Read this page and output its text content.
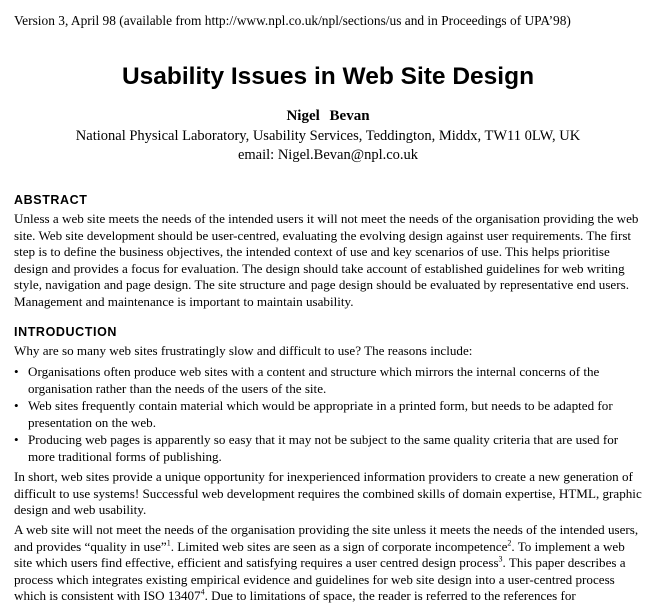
Version 3, April 98 (available from http://www.npl.co.uk/npl/sections/us and in Proceedings of UPA’98)
Usability Issues in Web Site Design
Nigel Bevan
National Physical Laboratory, Usability Services, Teddington, Middx, TW11 0LW, UK
email: Nigel.Bevan@npl.co.uk
ABSTRACT

Unless a web site meets the needs of the intended users it will not meet the needs of the organisation providing the web site. Web site development should be user-centred, evaluating the evolving design against user requirements. The first step is to define the business objectives, the intended context of use and key scenarios of use. This helps prioritise design and provides a focus for evaluation. The design should take account of established guidelines for web writing style, navigation and page design. The site structure and page design should be evaluated by representative end users. Management and maintenance is important to maintain usability.

INTRODUCTION

Why are so many web sites frustratingly slow and difficult to use? The reasons include:

• Organisations often produce web sites with a content and structure which mirrors the internal concerns of the organisation rather than the needs of the users of the site.
• Web sites frequently contain material which would be appropriate in a printed form, but needs to be adapted for presentation on the web.
• Producing web pages is apparently so easy that it may not be subject to the same quality criteria that are used for more traditional forms of publishing.

In short, web sites provide a unique opportunity for inexperienced information providers to create a new generation of difficult to use systems! Successful web development requires the combined skills of domain expertise, HTML, graphic design and web usability.

A web site will not meet the needs of the organisation providing the site unless it meets the needs of the intended users, and provides “quality in use”$^1$. Limited web sites are seen as a sign of corporate incompetence$^2$. To implement a web site which users find effective, efficient and satisfying requires a user centred design process$^3$. This paper describes a process which integrates existing empirical evidence and guidelines for web site design into a user-centred process which is consistent with ISO 13407$^4$. Due to limitations of space, the reader is referred to the references for
